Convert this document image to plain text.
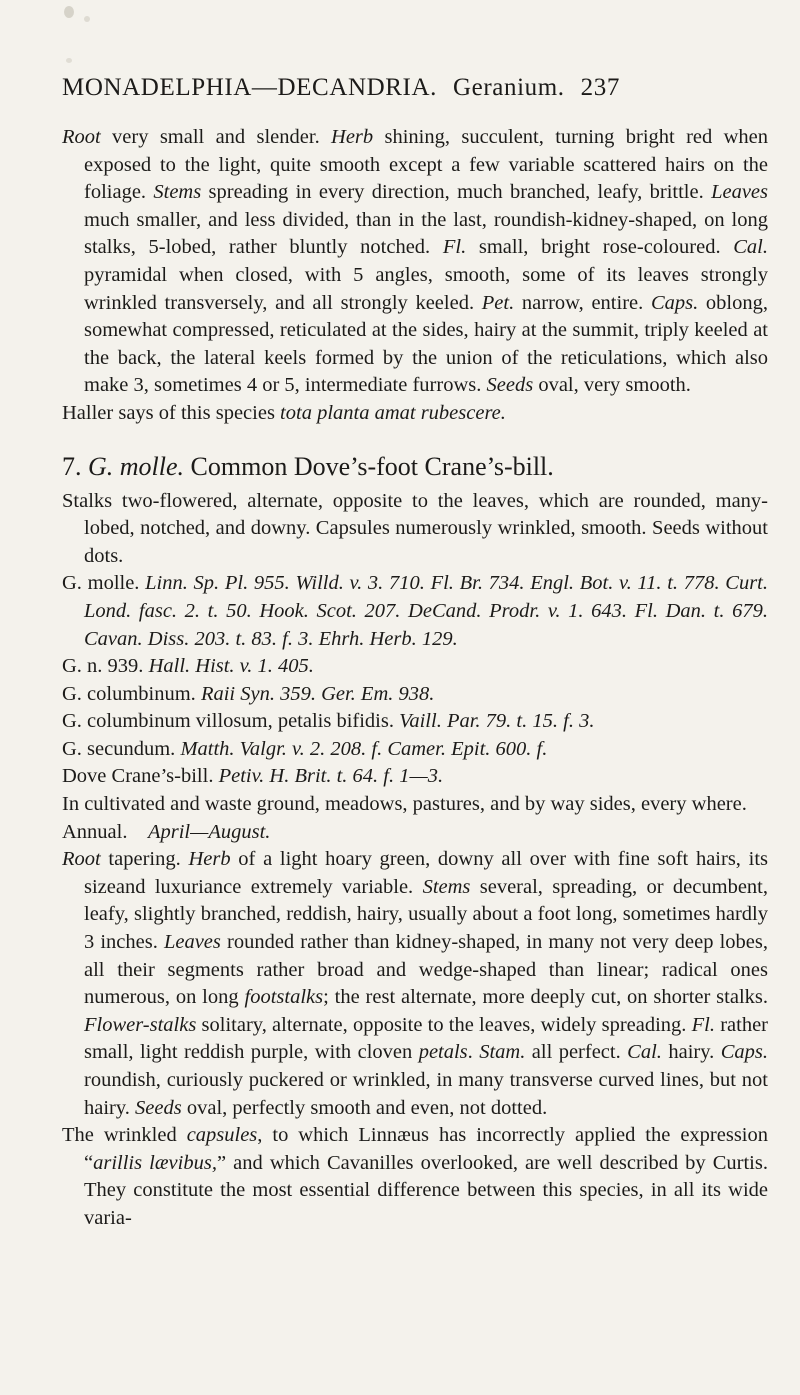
MONADELPHIA—DECANDRIA. Geranium. 237

Root very small and slender. Herb shining, succulent, turning bright red when exposed to the light, quite smooth except a few variable scattered hairs on the foliage. Stems spreading in every direction, much branched, leafy, brittle. Leaves much smaller, and less divided, than in the last, roundish-kidney-shaped, on long stalks, 5-lobed, rather bluntly notched. Fl. small, bright rose-coloured. Cal. pyramidal when closed, with 5 angles, smooth, some of its leaves strongly wrinkled transversely, and all strongly keeled. Pet. narrow, entire. Caps. oblong, somewhat compressed, reticulated at the sides, hairy at the summit, triply keeled at the back, the lateral keels formed by the union of the reticulations, which also make 3, sometimes 4 or 5, intermediate furrows. Seeds oval, very smooth.

Haller says of this species tota planta amat rubescere.

7. G. molle. Common Dove’s-foot Crane’s-bill.

Stalks two-flowered, alternate, opposite to the leaves, which are rounded, many-lobed, notched, and downy. Capsules numerously wrinkled, smooth. Seeds without dots.

G. molle. Linn. Sp. Pl. 955. Willd. v. 3. 710. Fl. Br. 734. Engl. Bot. v. 11. t. 778. Curt. Lond. fasc. 2. t. 50. Hook. Scot. 207. DeCand. Prodr. v. 1. 643. Fl. Dan. t. 679. Cavan. Diss. 203. t. 83. f. 3. Ehrh. Herb. 129.

G. n. 939. Hall. Hist. v. 1. 405.

G. columbinum. Raii Syn. 359. Ger. Em. 938.

G. columbinum villosum, petalis bifidis. Vaill. Par. 79. t. 15. f. 3.

G. secundum. Matth. Valgr. v. 2. 208. f. Camer. Epit. 600. f.

Dove Crane’s-bill. Petiv. H. Brit. t. 64. f. 1—3.

In cultivated and waste ground, meadows, pastures, and by way sides, every where.

Annual. April—August.

Root tapering. Herb of a light hoary green, downy all over with fine soft hairs, its sizeand luxuriance extremely variable. Stems several, spreading, or decumbent, leafy, slightly branched, reddish, hairy, usually about a foot long, sometimes hardly 3 inches. Leaves rounded rather than kidney-shaped, in many not very deep lobes, all their segments rather broad and wedge-shaped than linear; radical ones numerous, on long footstalks; the rest alternate, more deeply cut, on shorter stalks. Flower-stalks solitary, alternate, opposite to the leaves, widely spreading. Fl. rather small, light reddish purple, with cloven petals. Stam. all perfect. Cal. hairy. Caps. roundish, curiously puckered or wrinkled, in many transverse curved lines, but not hairy. Seeds oval, perfectly smooth and even, not dotted.

The wrinkled capsules, to which Linnæus has incorrectly applied the expression “arillis lævibus,” and which Cavanilles overlooked, are well described by Curtis. They constitute the most essential difference between this species, in all its wide varia-
